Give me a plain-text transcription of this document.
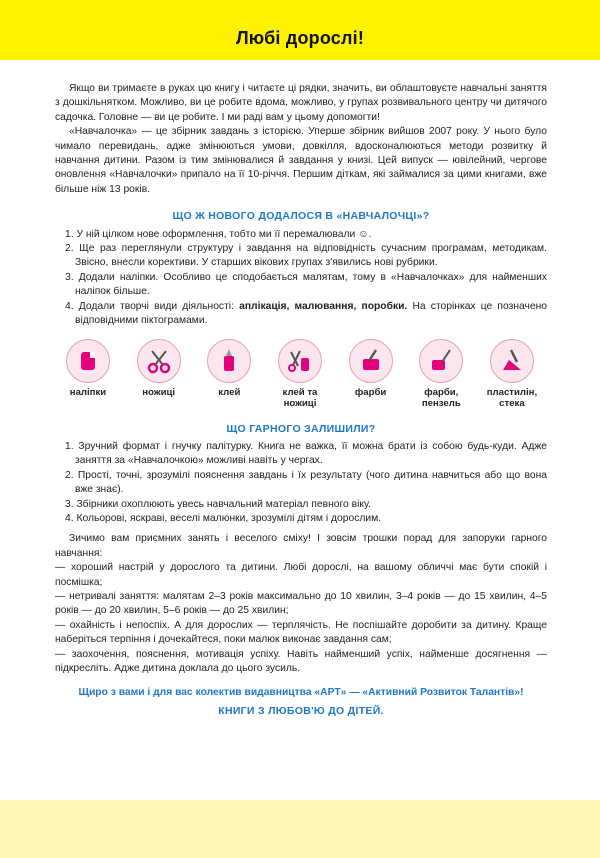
Любі дорослі!

Якщо ви тримаєте в руках цю книгу і читаєте ці рядки, значить, ви облаштовуєте навчальні заняття з дошкільнятком. Можливо, ви це робите вдома, можливо, у групах розвивального центру чи дитячого садочка. Головне — ви це робите. І ми раді вам у цьому допомогти!

«Навчалочка» — це збірник завдань з історією. Уперше збірник вийшов 2007 року. У нього було чимало перевидань, адже змінюються умови, довкілля, вдосконалюються методи розвитку й навчання дитини. Разом із тим змінювалися й завдання у книзі. Цей випуск — ювілейний, чергове оновлення «Навчалочки» припало на її 10-річчя. Першим діткам, які займалися за цими книгами, вже більше ніж 13 років.

ЩО Ж НОВОГО ДОДАЛОСЯ В «НАВЧАЛОЧЦІ»?
1. У ній цілком нове оформлення, тобто ми її перемалювали ☺.
2. Ще раз переглянули структуру і завдання на відповідність сучасним програмам, методикам. Звісно, внесли корективи. У старших вікових групах з'явились нові рубрики.
3. Додали наліпки. Особливо це сподобається малятам, тому в «Навчалочках» для найменших наліпок більше.
4. Додали творчі види діяльності: аплікація, малювання, поробки. На сторінках це позначено відповідними піктограмами.
наліпки	ножиці	клей	клей та ножиці
фарби	фарби, пензель
пластилін, стека
ЩО ГАРНОГО ЗАЛИШИЛИ?
1. Зручний формат і гнучку палітурку. Книга не важка, її можна брати із собою будь-куди. Адже заняття за «Навчалочкою» можливі навіть у чергах.
2. Прості, точні, зрозумілі пояснення завдань і їх результату (чого дитина навчиться або що вона вже знає).
3. Збірники охоплюють увесь навчальний матеріал певного віку.
4. Кольорові, яскраві, веселі малюнки, зрозумілі дітям і дорослим.

Зичимо вам приємних занять і веселого сміху! І зовсім трошки порад для запоруки гарного навчання:

— хороший настрій у дорослого та дитини. Любі дорослі, на вашому обличчі має бути спокій і посмішка;
— нетривалі заняття: малятам 2–3 років максимально до 10 хвилин, 3–4 років — до 15 хвилин, 4–5 років — до 20 хвилин, 5–6 років — до 25 хвилин;
— охайність і непоспіх. А для дорослих — терплячість. Не поспішайте доробити за дитину. Краще наберіться терпіння і дочекайтеся, поки малюк виконає завдання сам;
— заохочення, пояснення, мотивація успіху. Навіть найменший успіх, найменше досягнення — підкресліть. Адже дитина доклала до цього зусиль.
Щиро з вами і для вас колектив видавництва «АРТ» — «Активний Розвиток Талантів»!
КНИГИ З ЛЮБОВ'Ю ДО ДІТЕЙ.
